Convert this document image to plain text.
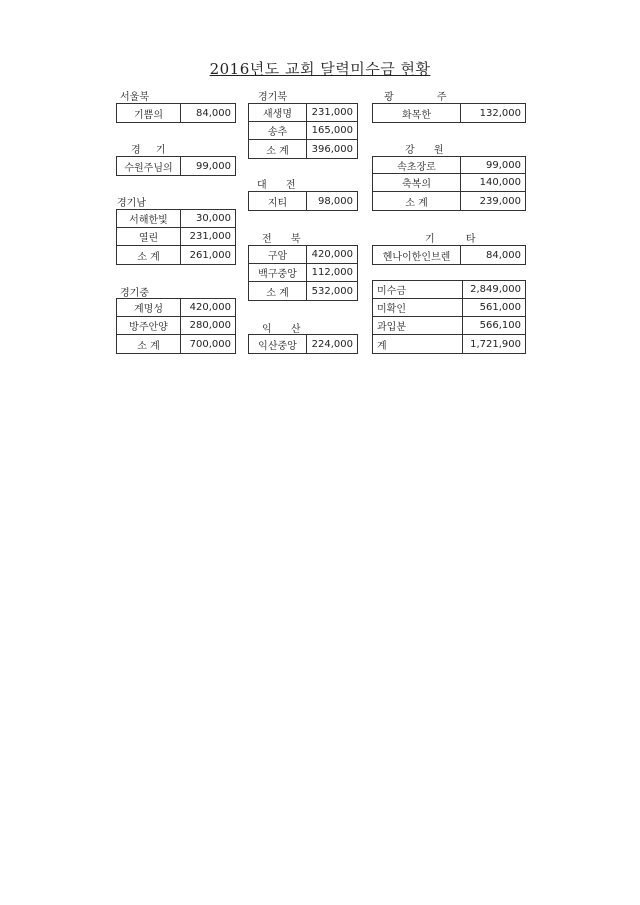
2016년도 교회 달력미수금 현황
서울북
기쁨의	84,000
경 기
수원주님의	99,000
경기남
서해한빛	30,000
열린	231,000
소 계	261,000
경기중
계명성	420,000
방주안양	280,000
소 계	700,000
경기북
새생명	231,000
송추	165,000
소 계	396,000
대 전
지티	98,000
전 북
구암	420,000
백구중앙	112,000
소 계	532,000
익 산
익산중앙	224,000
광 주
화목한	132,000
강 원
속초장로	99,000
축복의	140,000
소 계	239,000
기 타
헨나이한인브렌	84,000
미수금	2,849,000
미확인	561,000
과입분	566,100
계	1,721,900
